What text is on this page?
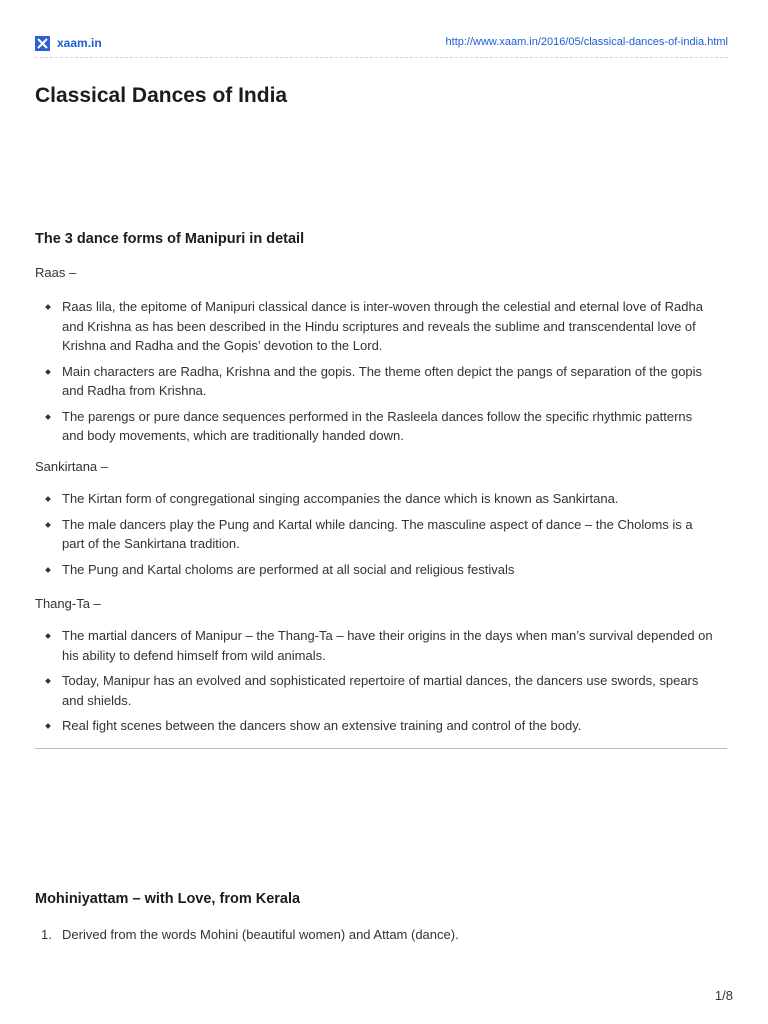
xaam.in	http://www.xaam.in/2016/05/classical-dances-of-india.html
Classical Dances of India
The 3 dance forms of Manipuri in detail

Raas –

Raas lila, the epitome of Manipuri classical dance is inter-woven through the celestial and eternal love of Radha and Krishna as has been described in the Hindu scriptures and reveals the sublime and transcendental love of Krishna and Radha and the Gopis’ devotion to the Lord.
Main characters are Radha, Krishna and the gopis. The theme often depict the pangs of separation of the gopis and Radha from Krishna.
The parengs or pure dance sequences performed in the Rasleela dances follow the specific rhythmic patterns and body movements, which are traditionally handed down.

Sankirtana –

The Kirtan form of congregational singing accompanies the dance which is known as Sankirtana.
The male dancers play the Pung and Kartal while dancing. The masculine aspect of dance – the Choloms is a part of the Sankirtana tradition.
The Pung and Kartal choloms are performed at all social and religious festivals

Thang-Ta –

The martial dancers of Manipur – the Thang-Ta – have their origins in the days when man’s survival depended on his ability to defend himself from wild animals.
Today, Manipur has an evolved and sophisticated repertoire of martial dances, the dancers use swords, spears and shields.
Real fight scenes between the dancers show an extensive training and control of the body.
Mohiniyattam – with Love, from Kerala
1. Derived from the words Mohini (beautiful women) and Attam (dance).
1/8
